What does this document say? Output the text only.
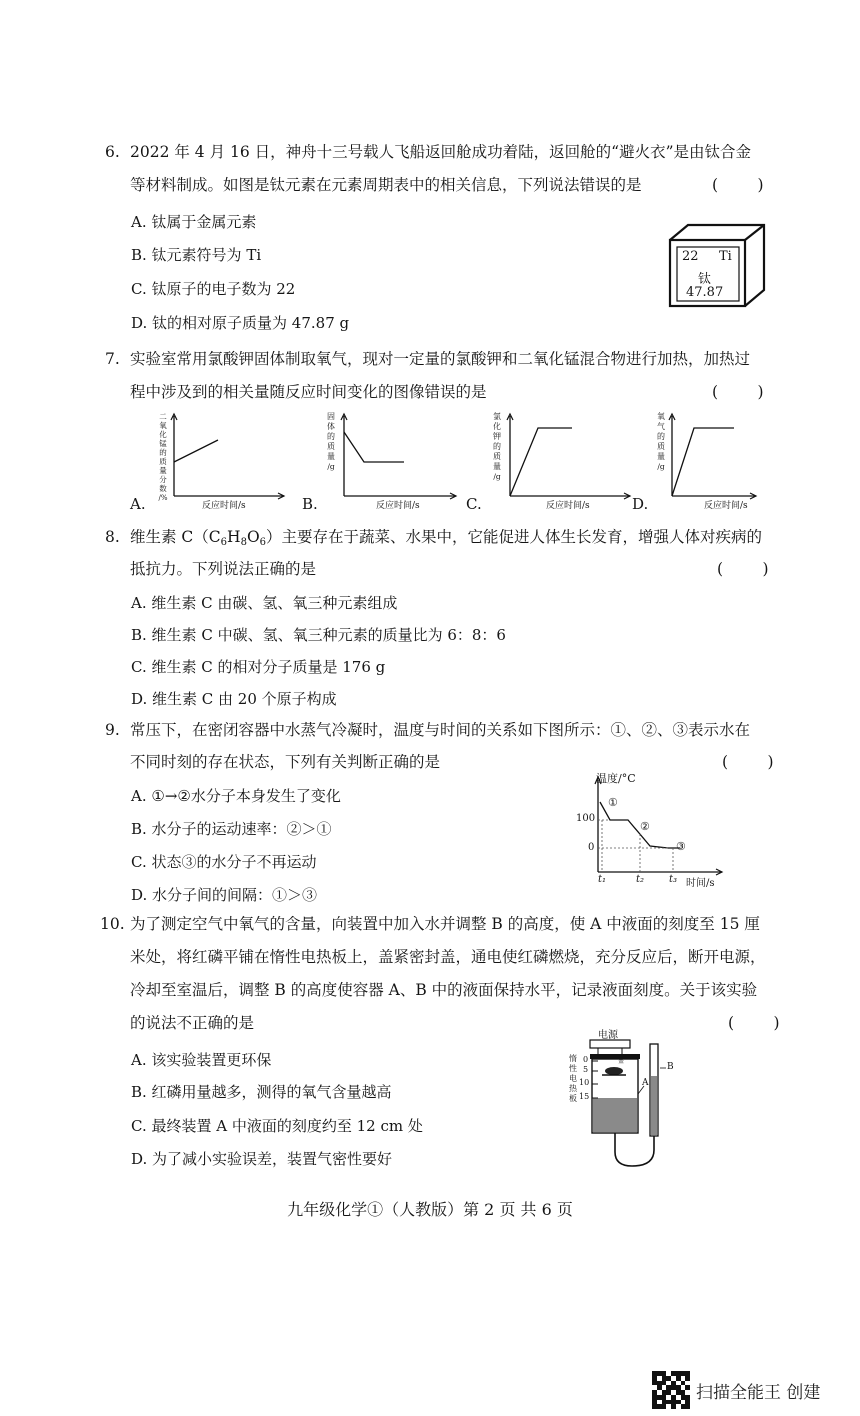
6. 2022 年 4 月 16 日，神舟十三号载人飞船返回舱成功着陆，返回舱的“避火衣”是由钛合金
等材料制成。如图是钛元素在元素周期表中的相关信息，下列说法错误的是	(        )
A. 钛属于金属元素
B. 钛元素符号为 Ti
C. 钛原子的电子数为 22
D. 钛的相对原子质量为 47.87 g
22 Ti
钛
47.87
7. 实验室常用氯酸钾固体制取氧气，现对一定量的氯酸钾和二氧化锰混合物进行加热，加热过
程中涉及到的相关量随反应时间变化的图像错误的是	(        )
A.
二
氧
化
锰
的
质
量
分
数
/%
反应时间/s	B.
固
体
的
质
量
/g
反应时间/s	C.
氯
化
钾
的
质
量
/g
反应时间/s	D.
氧
气
的
质
量
/g
反应时间/s
8. 维生素 $C(C_6H_8O_6)$主要存在于蔬菜、水果中，它能促进人体生长发育，增强人体对疾病的
抵抗力。下列说法正确的是	(        )
A. 维生素 C 由碳、氢、氧三种元素组成
B. 维生素 C 中碳、氢、氧三种元素的质量比为 6：8：6
C. 维生素 C 的相对分子质量是 176 g
D. 维生素 C 由 20 个原子构成
9. 常压下，在密闭容器中水蒸气冷凝时，温度与时间的关系如下图所示：①、②、③表示水在
不同时刻的存在状态，下列有关判断正确的是	(        )
A. ①→②水分子本身发生了变化
B. 水分子的运动速率：②＞①
C. 状态③的水分子不再运动
D. 水分子间的间隔：①＞③
温度/°C
100
0
t₁	t₂ t₃ 时间/s
①
②
③
10. 为了测定空气中氧气的含量，向装置中加入水并调整 B 的高度，使 A 中液面的刻度至 15 厘
米处，将红磷平铺在惰性电热板上，盖紧密封盖，通电使红磷燃烧，充分反应后，断开电源，
冷却至室温后，调整 B 的高度使容器 A、B 中的液面保持水平，记录液面刻度。关于该实验
的说法不正确的是	(        )
A. 该实验装置更环保
B. 红磷用量越多，测得的氧气含量越高
C. 最终装置 A 中液面的刻度约至 12 cm 处
D. 为了减小实验误差，装置气密性要好
电源
惰
性
电
热
板
0
5
10
15
A
B
盖
九年级化学①（人教版）第 2 页 共 6 页
扫描全能王 创建
